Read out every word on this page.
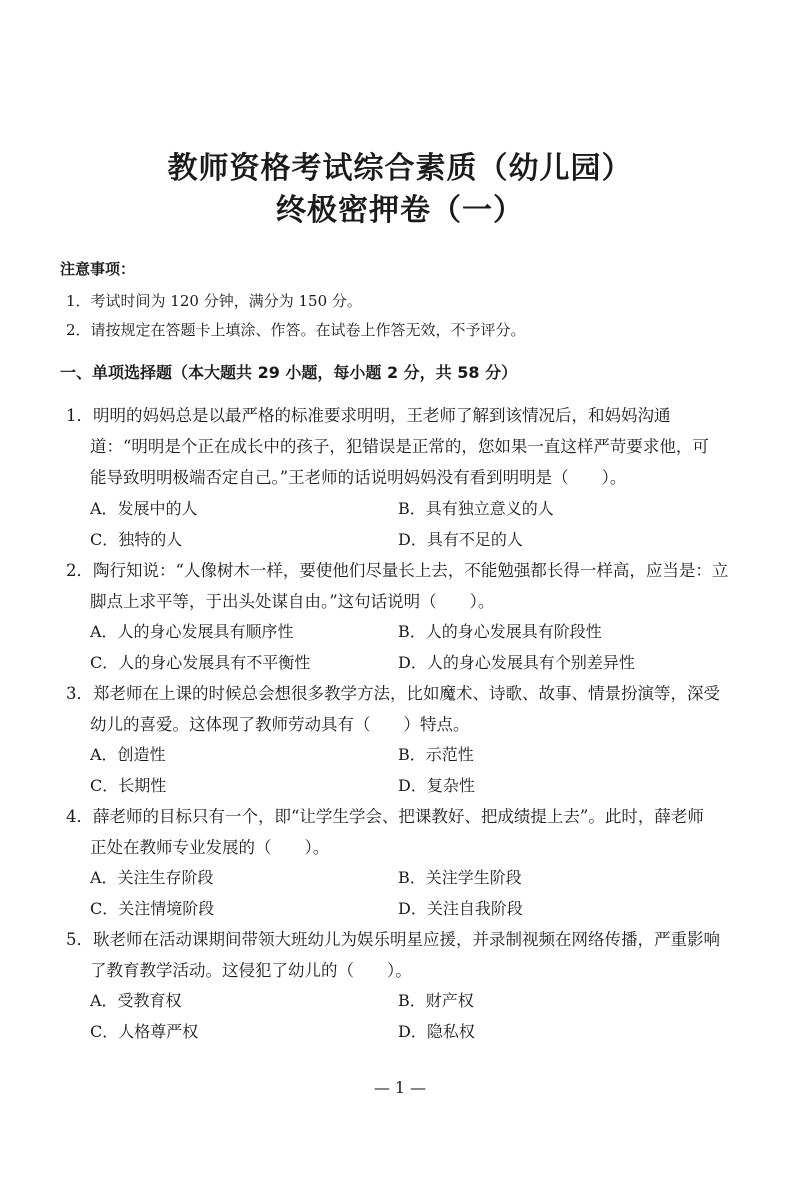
教师资格考试综合素质（幼儿园）
终极密押卷（一）
注意事项：
1．考试时间为 120 分钟，满分为 150 分。
2．请按规定在答题卡上填涂、作答。在试卷上作答无效，不予评分。
一、单项选择题（本大题共 29 小题，每小题 2 分，共 58 分）
1．明明的妈妈总是以最严格的标准要求明明，王老师了解到该情况后，和妈妈沟通
道：“明明是个正在成长中的孩子，犯错误是正常的，您如果一直这样严苛要求他，可
能导致明明极端否定自己。”王老师的话说明妈妈没有看到明明是（　　）。
A．发展中的人	B．具有独立意义的人
C．独特的人	D．具有不足的人
2．陶行知说：“人像树木一样，要使他们尽量长上去，不能勉强都长得一样高，应当是：立
脚点上求平等，于出头处谋自由。”这句话说明（　　）。
A．人的身心发展具有顺序性	B．人的身心发展具有阶段性
C．人的身心发展具有不平衡性	D．人的身心发展具有个别差异性
3．郑老师在上课的时候总会想很多教学方法，比如魔术、诗歌、故事、情景扮演等，深受
幼儿的喜爱。这体现了教师劳动具有（　　）特点。
A．创造性	B．示范性
C．长期性	D．复杂性
4．薛老师的目标只有一个，即“让学生学会、把课教好、把成绩提上去”。此时，薛老师
正处在教师专业发展的（　　）。
A．关注生存阶段	B．关注学生阶段
C．关注情境阶段	D．关注自我阶段
5．耿老师在活动课期间带领大班幼儿为娱乐明星应援，并录制视频在网络传播，严重影响
了教育教学活动。这侵犯了幼儿的（　　）。
A．受教育权	B．财产权
C．人格尊严权	D．隐私权
— 1 —
